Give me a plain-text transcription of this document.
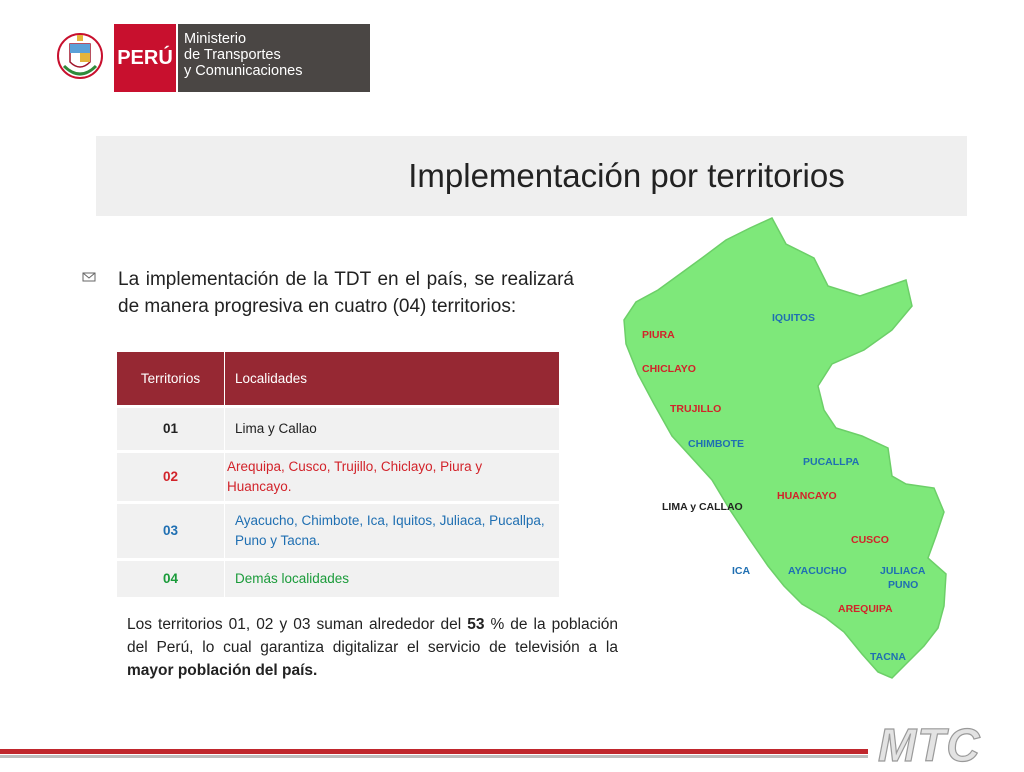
PERÚ
Ministerio
de Transportes
y Comunicaciones
Implementación por territorios
PIURA
CHICLAYO
TRUJILLO
IQUITOS
CHIMBOTE
PUCALLPA
HUANCAYO
LIMA y CALLAO
CUSCO
ICA	AYACUCHO	JULIACA
PUNO
AREQUIPA
TACNA

La implementación de la TDT en el país, se realizará de manera progresiva en cuatro (04) territorios:

Territorios	Localidades
01	Lima y Callao
02	Arequipa, Cusco, Trujillo, Chiclayo, Piura y Huancayo.
03	Ayacucho, Chimbote, Ica, Iquitos, Juliaca, Pucallpa, Puno y Tacna.
04	Demás localidades

Los territorios 01, 02 y 03 suman alrededor del 53 % de la población del Perú, lo cual garantiza digitalizar el servicio de televisión a la mayor población del país.

MTC
